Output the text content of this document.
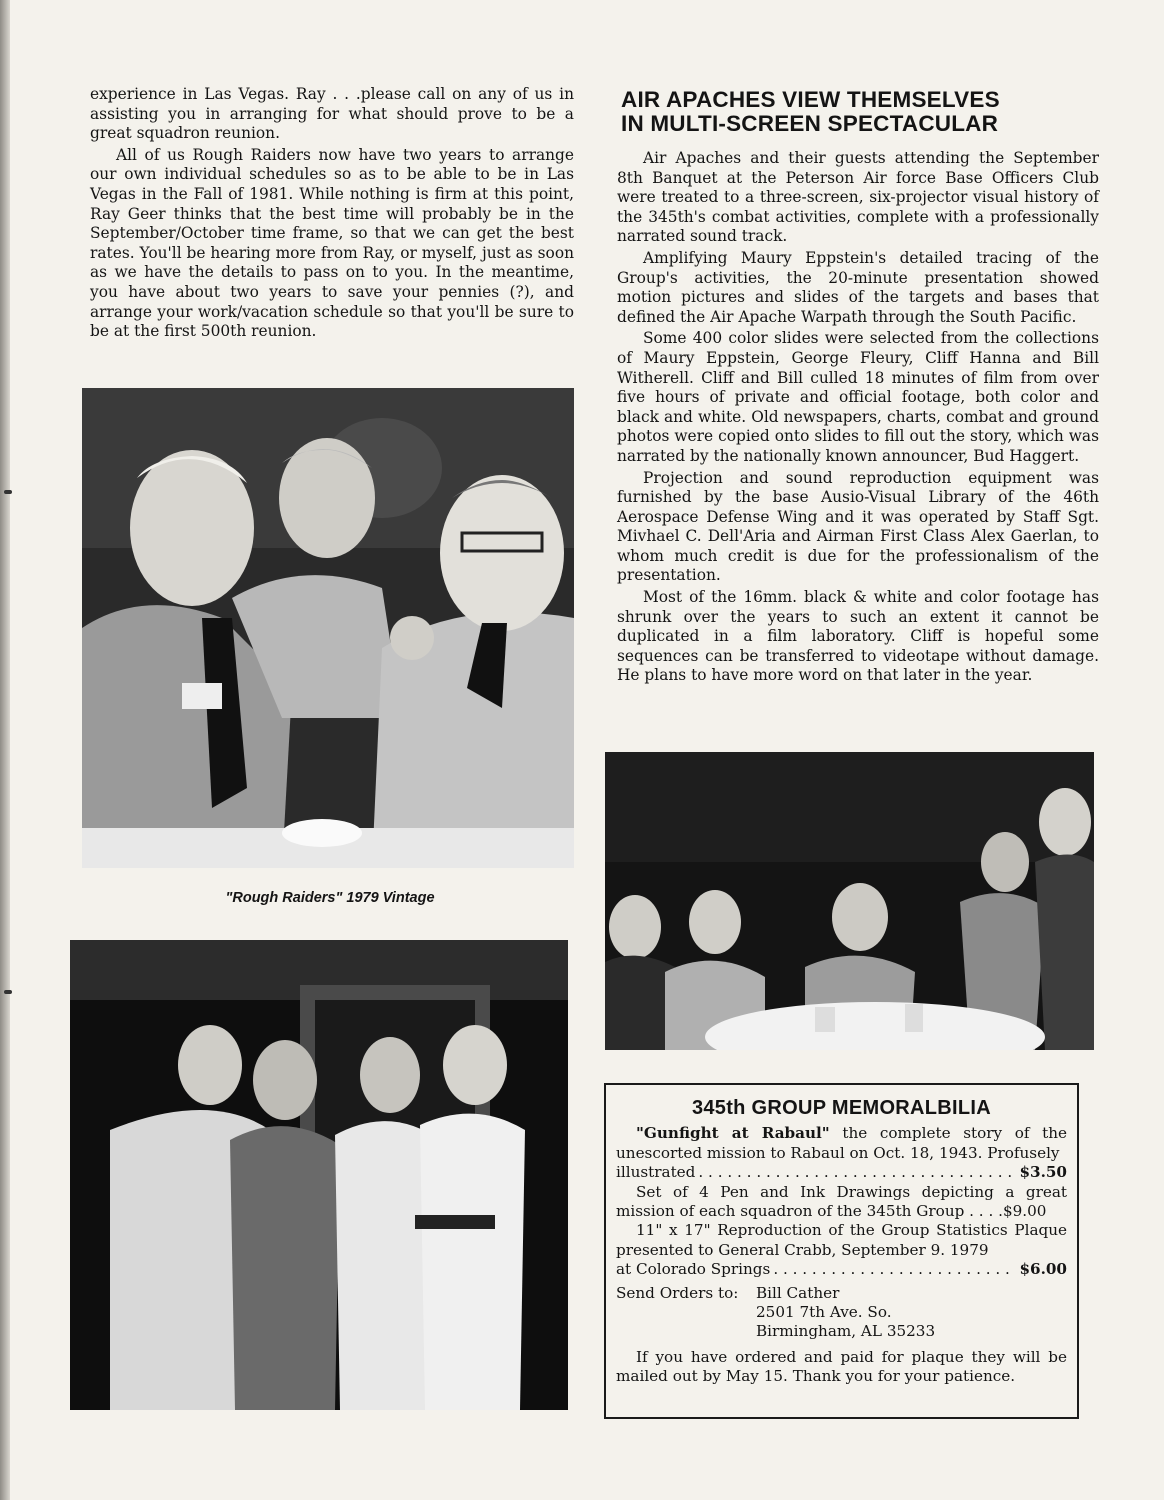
experience in Las Vegas. Ray . . .please call on any of us in assisting you in arranging for what should prove to be a great squadron reunion.

All of us Rough Raiders now have two years to arrange our own individual schedules so as to be able to be in Las Vegas in the Fall of 1981. While nothing is firm at this point, Ray Geer thinks that the best time will probably be in the September/October time frame, so that we can get the best rates. You'll be hearing more from Ray, or myself, just as soon as we have the details to pass on to you. In the meantime, you have about two years to save your pennies (?), and arrange your work/vacation schedule so that you'll be sure to be at the first 500th reunion.

"Rough Raiders" 1979 Vintage
AIR APACHES VIEW THEMSELVES
IN MULTI-SCREEN SPECTACULAR

Air Apaches and their guests attending the September 8th Banquet at the Peterson Air force Base Officers Club were treated to a three-screen, six-projector visual history of the 345th's combat activities, complete with a professionally narrated sound track.

Amplifying Maury Eppstein's detailed tracing of the Group's activities, the 20-minute presentation showed motion pictures and slides of the targets and bases that defined the Air Apache Warpath through the South Pacific.

Some 400 color slides were selected from the collections of Maury Eppstein, George Fleury, Cliff Hanna and Bill Witherell. Cliff and Bill culled 18 minutes of film from over five hours of private and official footage, both color and black and white. Old newspapers, charts, combat and ground photos were copied onto slides to fill out the story, which was narrated by the nationally known announcer, Bud Haggert.

Projection and sound reproduction equipment was furnished by the base Ausio-Visual Library of the 46th Aerospace Defense Wing and it was operated by Staff Sgt. Mivhael C. Dell'Aria and Airman First Class Alex Gaerlan, to whom much credit is due for the professionalism of the presentation.

Most of the 16mm. black & white and color footage has shrunk over the years to such an extent it cannot be duplicated in a film laboratory. Cliff is hopeful some sequences can be transferred to videotape without damage. He plans to have more word on that later in the year.

345th GROUP MEMORALBILIA
"Gunfight at Rabaul" the complete story of the unescorted mission to Rabaul on Oct. 18, 1943. Profusely
illustrated . . .	$3.50
Set of 4 Pen and Ink Drawings depicting a great mission of each squadron of the 345th Group . . . .$9.00
11" x 17" Reproduction of the Group Statistics Plaque presented to General Crabb, September 9. 1979
at Colorado Springs . . .	$6.00
Send Orders to:	Bill Cather
2501 7th Ave. So.
Birmingham, AL 35233
If you have ordered and paid for plaque they will be mailed out by May 15. Thank you for your patience.
